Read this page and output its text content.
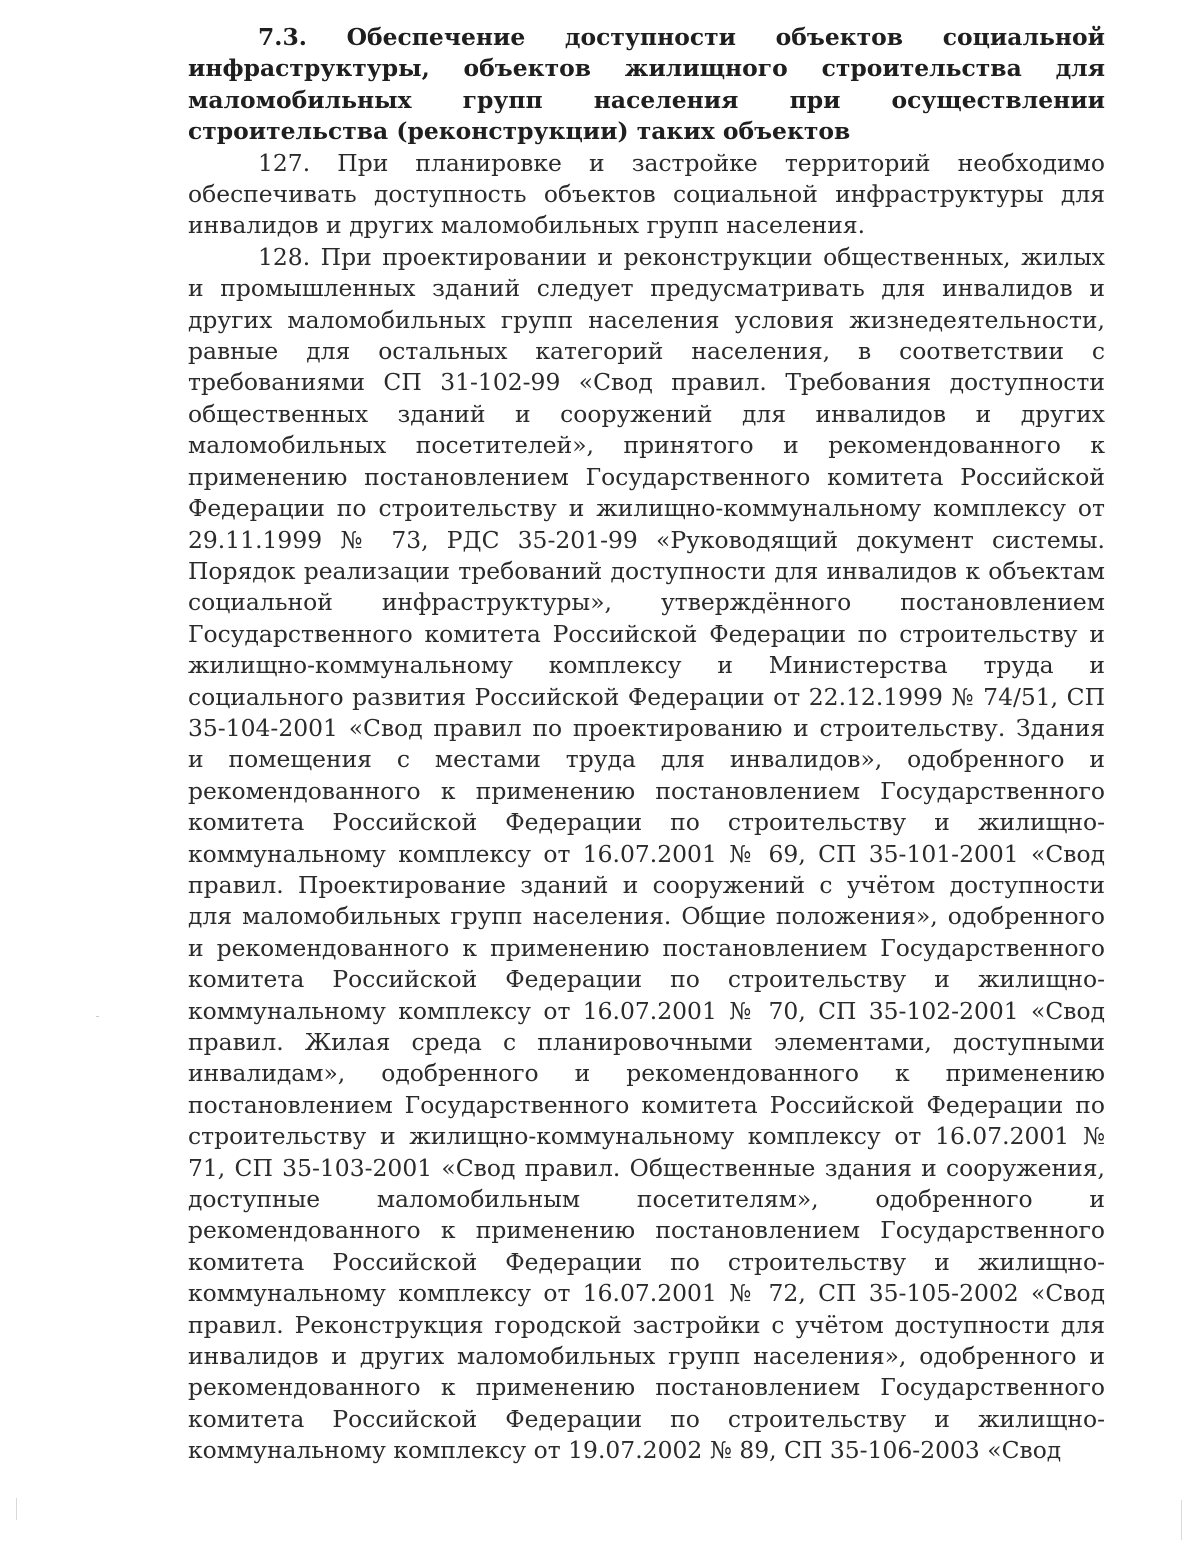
7.3. Обеспечение доступности объектов социальной инфраструктуры, объектов жилищного строительства для маломобильных групп населения при осуществлении строительства (реконструкции) таких объектов

127. При планировке и застройке территорий необходимо обеспечивать доступность объектов социальной инфраструктуры для инвалидов и других маломобильных групп населения.

128. При проектировании и реконструкции общественных, жилых и промышленных зданий следует предусматривать для инвалидов и других маломобильных групп населения условия жизнедеятельности, равные для остальных категорий населения, в соответствии с требованиями СП 31-102-99 «Свод правил. Требования доступности общественных зданий и сооружений для инвалидов и других маломобильных посетителей», принятого и рекомендованного к применению постановлением Государственного комитета Российской Федерации по строительству и жилищно-коммунальному комплексу от 29.11.1999 № 73, РДС 35-201-99 «Руководящий документ системы. Порядок реализации требований доступности для инвалидов к объектам социальной инфраструктуры», утверждённого постановлением Государственного комитета Российской Федерации по строительству и жилищно-коммунальному комплексу и Министерства труда и социального развития Российской Федерации от 22.12.1999 № 74/51, СП 35-104-2001 «Свод правил по проектированию и строительству. Здания и помещения с местами труда для инвалидов», одобренного и рекомендованного к применению постановлением Государственного комитета Российской Федерации по строительству и жилищно-коммунальному комплексу от 16.07.2001 № 69, СП 35-101-2001 «Свод правил. Проектирование зданий и сооружений с учётом доступности для маломобильных групп населения. Общие положения», одобренного и рекомендованного к применению постановлением Государственного комитета Российской Федерации по строительству и жилищно-коммунальному комплексу от 16.07.2001 № 70, СП 35-102-2001 «Свод правил. Жилая среда с планировочными элементами, доступными инвалидам», одобренного и рекомендованного к применению постановлением Государственного комитета Российской Федерации по строительству и жилищно-коммунальному комплексу от 16.07.2001 № 71, СП 35-103-2001 «Свод правил. Общественные здания и сооружения, доступные маломобильным посетителям», одобренного и рекомендованного к применению постановлением Государственного комитета Российской Федерации по строительству и жилищно-коммунальному комплексу от 16.07.2001 № 72, СП 35-105-2002 «Свод правил. Реконструкция городской застройки с учётом доступности для инвалидов и других маломобильных групп населения», одобренного и рекомендованного к применению постановлением Государственного комитета Российской Федерации по строительству и жилищно-коммунальному комплексу от 19.07.2002 № 89, СП 35-106-2003 «Свод
